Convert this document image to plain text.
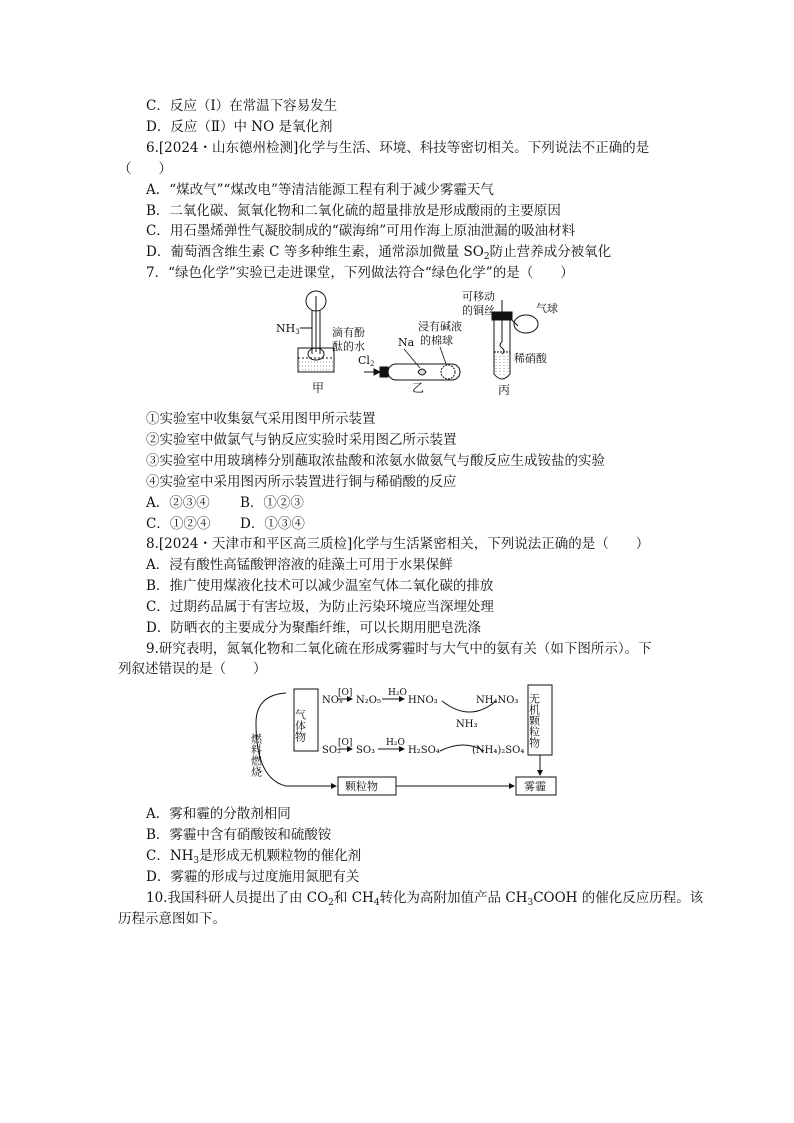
C．反应（Ⅰ）在常温下容易发生
D．反应（Ⅱ）中 NO 是氧化剂
6.[2024・山东德州检测]化学与生活、环境、科技等密切相关。下列说法不正确的是
（　　）
A．“煤改气”“煤改电”等清洁能源工程有利于减少雾霾天气
B．二氧化碳、氮氧化物和二氧化硫的超量排放是形成酸雨的主要原因
C．用石墨烯弹性气凝胶制成的“碳海绵”可用作海上原油泄漏的吸油材料
D．葡萄酒含维生素 C 等多种维生素，通常添加微量 $SO_2$防止营养成分被氧化
7．“绿色化学”实验已走进课堂，下列做法符合“绿色化学”的是（　　）
NH3	滴有酚
酞的水
甲
Cl2
Na
浸有碱液
的棉球
乙
可移动
的铜丝	气球
稀硝酸
丙
①实验室中收集氨气采用图甲所示装置
②实验室中做氯气与钠反应实验时采用图乙所示装置
③实验室中用玻璃棒分别蘸取浓盐酸和浓氨水做氨气与酸反应生成铵盐的实验
④实验室中采用图丙所示装置进行铜与稀硝酸的反应
A．②③④ B．①②③
C．①②④ D．①③④
8.[2024・天津市和平区高三质检]化学与生活紧密相关，下列说法正确的是（　　）
A．浸有酸性高锰酸钾溶液的硅藻土可用于水果保鲜
B．推广使用煤液化技术可以减少温室气体二氧化碳的排放
C．过期药品属于有害垃圾，为防止污染环境应当深埋处理
D．防晒衣的主要成分为聚酯纤维，可以长期用肥皂洗涤
9.研究表明，氮氧化物和二氧化硫在形成雾霾时与大气中的氨有关（如下图所示）。下
列叙述错误的是（　　）
气体物
燃料燃烧
无机颗粒物
颗粒物	雾霾
NOₓ
[O]
N₂O₅
H₂O
HNO₃	NH₄NO₃
NH₃
SO₂
[O]
SO₃
H₂O
H₂SO₄	(NH₄)₂SO₄
A．雾和霾的分散剂相同
B．雾霾中含有硝酸铵和硫酸铵
C．$NH_3$是形成无机颗粒物的催化剂
D．雾霾的形成与过度施用氮肥有关
10.我国科研人员提出了由 $CO_2$和 $CH_4$转化为高附加值产品 $CH_3COOH$ 的催化反应历程。该
历程示意图如下。
